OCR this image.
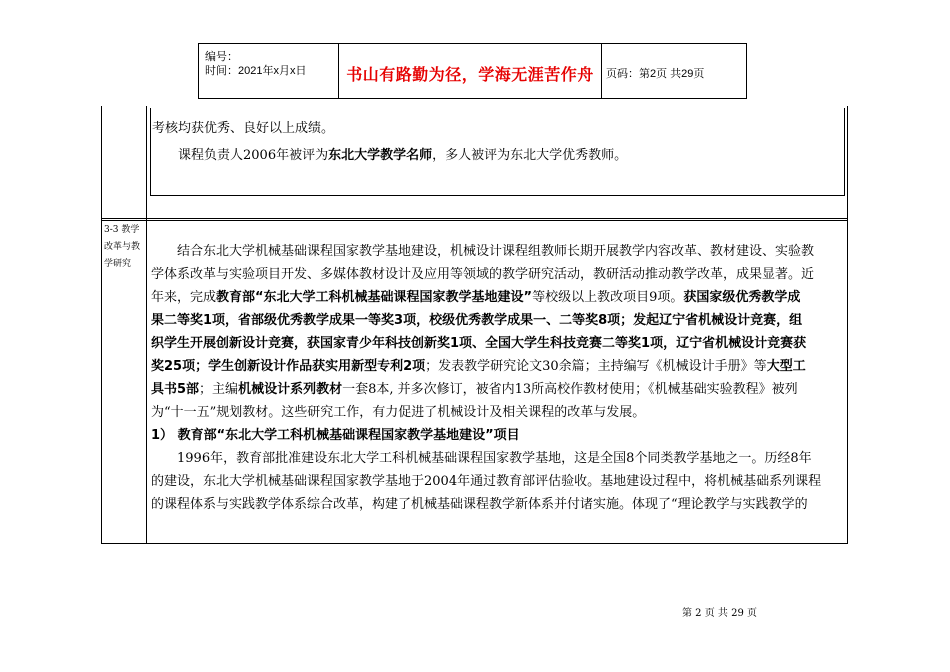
编号：
时间：2021年x月x日	书山有路勤为径，学海无涯苦作舟	页码：第2页 共29页
考核均获优秀、良好以上成绩。
课程负责人2006年被评为东北大学教学名师，多人被评为东北大学优秀教师。
3-3 教学
改革与教
学研究
结合东北大学机械基础课程国家教学基地建设，机械设计课程组教师长期开展教学内容改革、教材建设、实验教
学体系改革与实验项目开发、多媒体教材设计及应用等领域的教学研究活动，教研活动推动教学改革，成果显著。近
年来，完成教育部“东北大学工科机械基础课程国家教学基地建设”等校级以上教改项目9项。获国家级优秀教学成
果二等奖1项，省部级优秀教学成果一等奖3项，校级优秀教学成果一、二等奖8项；发起辽宁省机械设计竞赛，组
织学生开展创新设计竞赛，获国家青少年科技创新奖1项、全国大学生科技竞赛二等奖1项，辽宁省机械设计竞赛获
奖25项；学生创新设计作品获实用新型专利2项；发表教学研究论文30余篇；主持编写《机械设计手册》等大型工
具书5部；主编机械设计系列教材一套8本, 并多次修订，被省内13所高校作教材使用；《机械基础实验教程》被列
为“十一五”规划教材。这些研究工作，有力促进了机械设计及相关课程的改革与发展。
1） 教育部“东北大学工科机械基础课程国家教学基地建设”项目
1996年，教育部批准建设东北大学工科机械基础课程国家教学基地，这是全国8个同类教学基地之一。历经8年
的建设，东北大学机械基础课程国家教学基地于2004年通过教育部评估验收。基地建设过程中，将机械基础系列课程
的课程体系与实践教学体系综合改革，构建了机械基础课程教学新体系并付诸实施。体现了“理论教学与实践教学的
第 2 页 共 29 页
